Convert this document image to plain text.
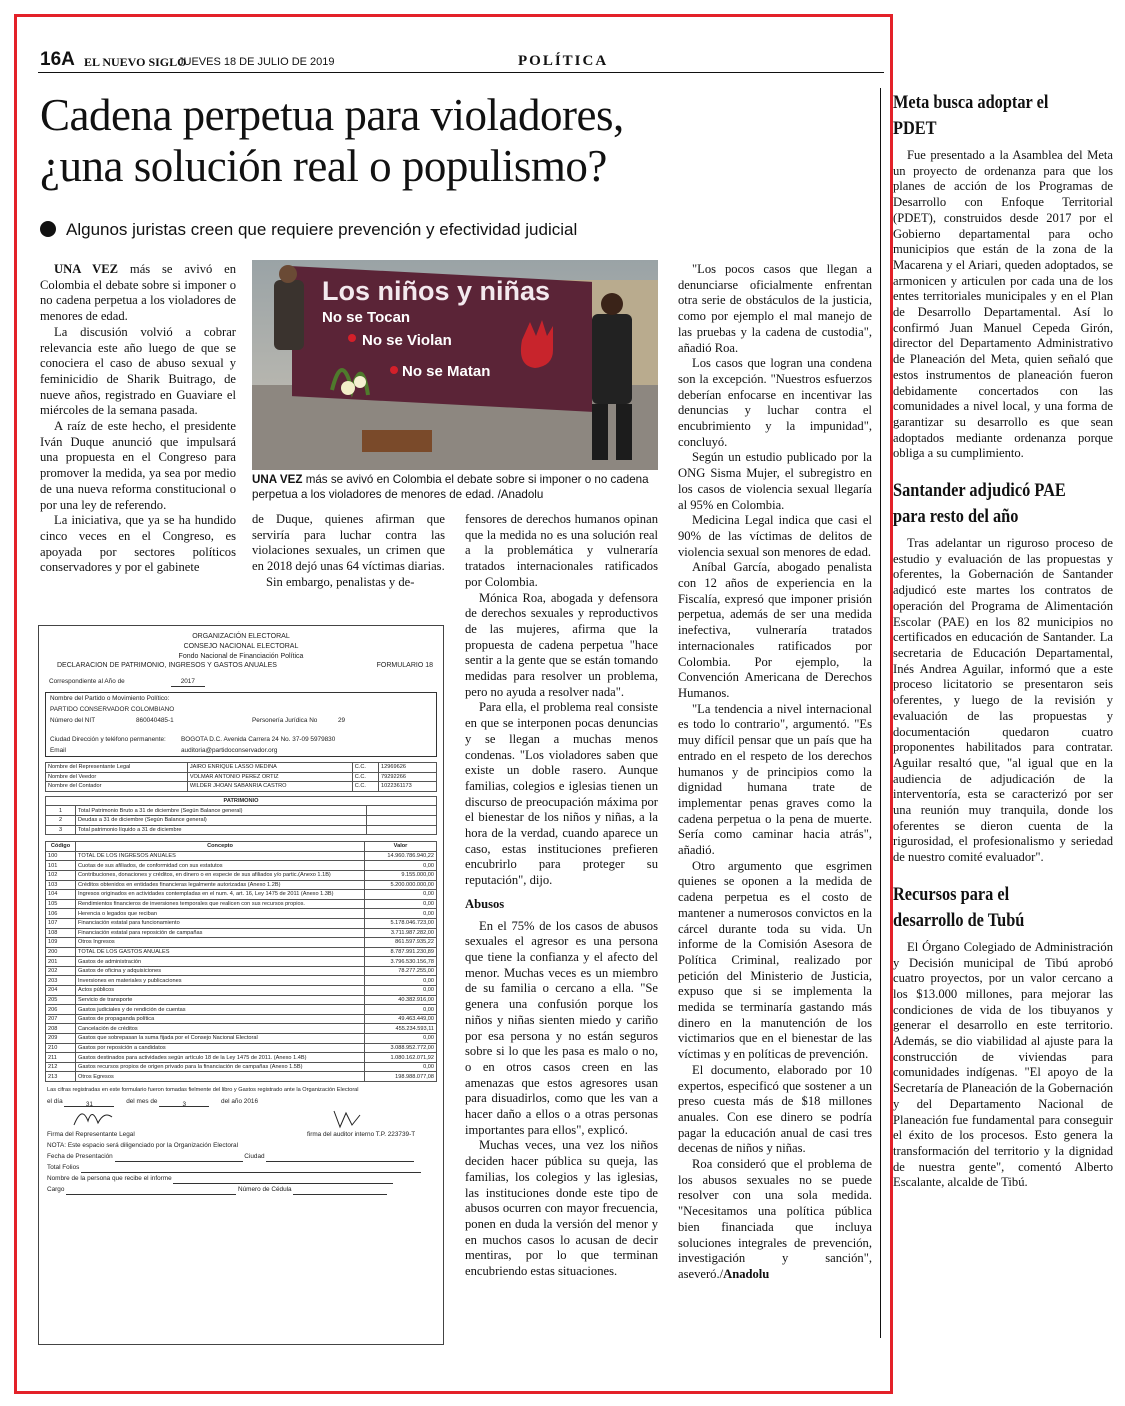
16A EL NUEVO SIGLO
JUEVES 18 DE JULIO DE 2019	POLÍTICA
Cadena perpetua para violadores,
¿una solución real o populismo?
Algunos juristas creen que requiere prevención y efectividad judicial

UNA VEZ más se avivó en Colombia el debate sobre si imponer o no cadena perpetua a los violadores de menores de edad.

La discusión volvió a cobrar relevancia este año luego de que se conociera el caso de abuso sexual y feminicidio de Sharik Buitrago, de nueve años, registrado en Guaviare el miércoles de la semana pasada.

A raíz de este hecho, el presidente Iván Duque anunció que impulsará una propuesta en el Congreso para promover la medida, ya sea por medio de una nueva reforma constitucional o por una ley de referendo.

La iniciativa, que ya se ha hundido cinco veces en el Congreso, es apoyada por sectores políticos conservadores y por el gabinete

Los niños y niñas
No se Tocan
No se Violan
No se Matan
UNA VEZ más se avivó en Colombia el debate sobre si imponer o no cadena perpetua a los violadores de menores de edad. /Anadolu

de Duque, quienes afirman que serviría para luchar contra las violaciones sexuales, un crimen que en 2018 dejó unas 64 víctimas diarias.

Sin embargo, penalistas y de-

fensores de derechos humanos opinan que la medida no es una solución real a la problemática y vulneraría tratados internacionales ratificados por Colombia.

Mónica Roa, abogada y defensora de derechos sexuales y reproductivos de las mujeres, afirma que la propuesta de cadena perpetua "hace sentir a la gente que se están tomando medidas para resolver un problema, pero no ayuda a resolver nada".

Para ella, el problema real consiste en que se interponen pocas denuncias y se llegan a muchas menos condenas. "Los violadores saben que existe un doble rasero. Aunque familias, colegios e iglesias tienen un discurso de preocupación máxima por el bienestar de los niños y niñas, a la hora de la verdad, cuando aparece un caso, estas instituciones prefieren encubrirlo para proteger su reputación", dijo.

Abusos

En el 75% de los casos de abusos sexuales el agresor es una persona que tiene la confianza y el afecto del menor. Muchas veces es un miembro de su familia o cercano a ella. "Se genera una confusión porque los niños y niñas sienten miedo y cariño por esa persona y no están seguros sobre si lo que les pasa es malo o no, o en otros casos creen en las amenazas que estos agresores usan para disuadirlos, como que les van a hacer daño a ellos o a otras personas importantes para ellos", explicó.

Muchas veces, una vez los niños deciden hacer pública su queja, las familias, los colegios y las iglesias, las instituciones donde este tipo de abusos ocurren con mayor frecuencia, ponen en duda la versión del menor y en muchos casos lo acusan de decir mentiras, por lo que terminan encubriendo estas situaciones.

"Los pocos casos que llegan a denunciarse oficialmente enfrentan otra serie de obstáculos de la justicia, como por ejemplo el mal manejo de las pruebas y la cadena de custodia", añadió Roa.

Los casos que logran una condena son la excepción. "Nuestros esfuerzos deberían enfocarse en incentivar las denuncias y luchar contra el encubrimiento y la impunidad", concluyó.

Según un estudio publicado por la ONG Sisma Mujer, el subregistro en los casos de violencia sexual llegaría al 95% en Colombia.

Medicina Legal indica que casi el 90% de las víctimas de delitos de violencia sexual son menores de edad.

Aníbal García, abogado penalista con 12 años de experiencia en la Fiscalía, expresó que imponer prisión perpetua, además de ser una medida inefectiva, vulneraría tratados internacionales ratificados por Colombia. Por ejemplo, la Convención Americana de Derechos Humanos.

"La tendencia a nivel internacional es todo lo contrario", argumentó. "Es muy difícil pensar que un país que ha entrado en el respeto de los derechos humanos y de principios como la dignidad humana trate de implementar penas graves como la cadena perpetua o la pena de muerte. Sería como caminar hacia atrás", añadió.

Otro argumento que esgrimen quienes se oponen a la medida de cadena perpetua es el costo de mantener a numerosos convictos en la cárcel durante toda su vida. Un informe de la Comisión Asesora de Política Criminal, realizado por petición del Ministerio de Justicia, expuso que si se implementa la medida se terminaría gastando más dinero en la manutención de los victimarios que en el bienestar de las víctimas y en políticas de prevención.

El documento, elaborado por 10 expertos, especificó que sostener a un preso cuesta más de $18 millones anuales. Con ese dinero se podría pagar la educación anual de casi tres decenas de niños y niñas.

Roa consideró que el problema de los abusos sexuales no se puede resolver con una sola medida. "Necesitamos una política pública bien financiada que incluya soluciones integrales de prevención, investigación y sanción", aseveró./Anadolu

Meta busca adoptar el PDET

Fue presentado a la Asamblea del Meta un proyecto de ordenanza para que los planes de acción de los Programas de Desarrollo con Enfoque Territorial (PDET), construidos desde 2017 por el Gobierno departamental para ocho municipios que están de la zona de la Macarena y el Ariari, queden adoptados, se armonicen y articulen por cada una de los entes territoriales municipales y en el Plan de Desarrollo Departamental. Así lo confirmó Juan Manuel Cepeda Girón, director del Departamento Administrativo de Planeación del Meta, quien señaló que estos instrumentos de planeación fueron debidamente concertados con las comunidades a nivel local, y una forma de garantizar su desarrollo es que sean adoptados mediante ordenanza porque obliga a su cumplimiento.

Santander adjudicó PAE para resto del año

Tras adelantar un riguroso proceso de estudio y evaluación de las propuestas y oferentes, la Gobernación de Santander adjudicó este martes los contratos de operación del Programa de Alimentación Escolar (PAE) en los 82 municipios no certificados en educación de Santander. La secretaria de Educación Departamental, Inés Andrea Aguilar, informó que a este proceso licitatorio se presentaron seis oferentes, y luego de la revisión y evaluación de las propuestas y documentación quedaron cuatro proponentes habilitados para contratar. Aguilar resaltó que, "al igual que en la audiencia de adjudicación de la interventoría, esta se caracterizó por ser una reunión muy tranquila, donde los oferentes se dieron cuenta de la rigurosidad, el profesionalismo y seriedad de nuestro comité evaluador".

Recursos para el desarrollo de Tubú

El Órgano Colegiado de Administración y Decisión municipal de Tibú aprobó cuatro proyectos, por un valor cercano a los $13.000 millones, para mejorar las condiciones de vida de los tibuyanos y generar el desarrollo en este territorio. Además, se dio viabilidad al ajuste para la construcción de viviendas para comunidades indígenas. "El apoyo de la Secretaría de Planeación de la Gobernación y del Departamento Nacional de Planeación fue fundamental para conseguir el éxito de los procesos. Esto genera la transformación del territorio y la dignidad de nuestra gente", comentó Alberto Escalante, alcalde de Tibú.

ORGANIZACIÓN ELECTORAL
CONSEJO NACIONAL ELECTORAL
Fondo Nacional de Financiación Política
DECLARACION DE PATRIMONIO, INGRESOS Y GASTOS ANUALES	FORMULARIO 18
Correspondiente al Año de	2017
Nombre del Partido o Movimiento Político:
PARTIDO CONSERVADOR COLOMBIANO
Número del NIT	860040485-1	Personería Jurídica No	29
Ciudad Dirección y teléfono permanente:	BOGOTA D.C. Avenida Carrera 24 No. 37-09 5979830
Email	auditoria@partidoconservador.org
Nombre del Representante Legal	JAIRO ENRIQUE LASSO MEDINA	C.C.	12969626
Nombre del Veedor	VOLMAR ANTONIO PEREZ ORTIZ	C.C.	79292266
Nombre del Contador	WILDER JHOAN SABANRIA CASTRO	C.C.	1022361173
PATRIMONIO		
1	Total Patrimonio Bruto a 31 de diciembre (Según Balance general)	
2	Deudas a 31 de diciembre (Según Balance general)	
3	Total patrimonio líquido a 31 de diciembre	
Código	Concepto	Valor
100	TOTAL DE LOS INGRESOS ANUALES	14.960.786.940,22
101	Cuotas de sus afiliados, de conformidad con sus estatutos	0,00
102	Contribuciones, donaciones y créditos, en dinero o en especie de sus afiliados y/o partic.(Anexo 1.1B)	9.155.000,00
103	Créditos obtenidos en entidades financieras legalmente autorizadas (Anexo 1.2B)	5.200.000.000,00
104	Ingresos originados en actividades contempladas en el num. 4, art. 16, Ley 1475 de 2011 (Anexo 1.3B)	0,00
105	Rendimientos financieros de inversiones temporales que realicen con sus recursos propios.	0,00
106	Herencia o legados que reciban	0,00
107	Financiación estatal para funcionamiento	5.178.046.723,00
108	Financiación estatal para reposición de campañas	3.711.987.282,00
109	Otros Ingresos	861.597.935,22
200	TOTAL DE LOS GASTOS ANUALES	8.787.991.230,89
201	Gastos de administración	3.796.530.156,78
202	Gastos de oficina y adquisiciones	78.277.255,00
203	Inversiones en materiales y publicaciones	0,00
204	Actos públicos	0,00
205	Servicio de transporte	40.382.916,00
206	Gastos judiciales y de rendición de cuentas	0,00
207	Gastos de propaganda política	49.463.449,00
208	Cancelación de créditos	455.234.593,11
209	Gastos que sobrepasan la suma fijada por el Consejo Nacional Electoral	0,00
210	Gastos por reposición a candidatos	3.088.952.772,00
211	Gastos destinados para actividades según artículo 18 de la Ley 1475 de 2011. (Anexo 1.4B)	1.080.162.071,92
212	Gastos recursos propios de origen privado para la financiación de campañas (Anexo 1.5B)	0,00
213	Otros Egresos	198.988.077,08
Las cifras registradas en este formulario fueron tomadas fielmente del libro y Gastos registrado ante la Organización Electoral
el día	31	del mes de	3	del año 2016
Firma del Representante Legal	firma del auditor interno T.P. 223739-T
NOTA: Este espacio será diligenciado por la Organización Electoral
Fecha de Presentación	Ciudad
Total Folios
Nombre de la persona que recibe el informe
Cargo	Número de Cédula
